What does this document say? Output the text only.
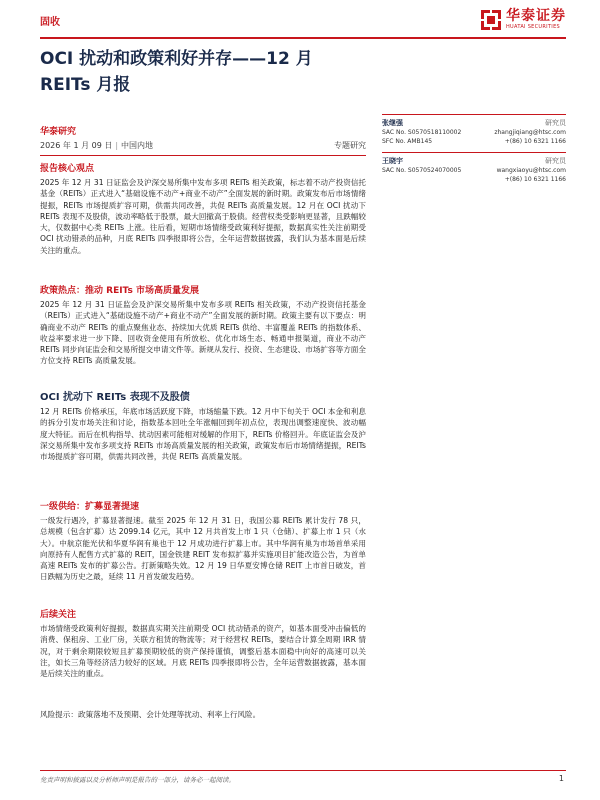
固收	华泰证券
HUATAI SECURITIES
OCI 扰动和政策利好并存——12 月
REITs 月报
华泰研究
2026 年 1 月 09 日 | 中国内地	专题研究
报告核心观点
2025 年 12 月 31 日证监会及沪深交易所集中发布多项 REITs 相关政策，标志着不动产投资信托基金（REITs）正式进入“基础设施不动产+商业不动产”全面发展的新时期。政策发布后市场情绪提振，REITs 市场提质扩容可期，供需共同改善，共促 REITs 高质量发展。12 月在 OCI 扰动下 REITs 表现不及股债，波动率略低于股票，最大回撤高于股债。经营权类受影响更显著，且跌幅较大，仅数据中心类 REITs 上涨。往后看，短期市场情绪受政策利好提振，数据真实性关注前期受 OCI 扰动错杀的品种，月底 REITs 四季报即将公告，全年运营数据披露，我们认为基本面是后续关注的重点。
政策热点：推动 REITs 市场高质量发展
2025 年 12 月 31 日证监会及沪深交易所集中发布多项 REITs 相关政策，不动产投资信托基金（REITs）正式进入“基础设施不动产+商业不动产”全面发展的新时期。政策主要有以下要点：明确商业不动产 REITs 的重点聚焦业态、持续加大优质 REITs 供给、丰富覆盖 REITs 的指数体系、收益率要求进一步下降、回收资金使用有所放松、优化市场生态、畅通申报渠道，商业不动产 REITs 同步向证监会和交易所提交申请文件等。新规从发行、投资、生态建设、市场扩容等方面全方位支持 REITs 高质量发展。
OCI 扰动下 REITs 表现不及股债
12 月 REITs 价格承压，年底市场活跃度下降，市场缩量下跌。12 月中下旬关于 OCI 本金和利息的拆分引发市场关注和讨论，指数基本回吐全年涨幅回到年初点位，表现出调整速度快、波动幅度大特征。而后在机构指导、扰动因素可能相对缓解的作用下，REITs 价格回升。年底证监会及沪深交易所集中发布多项支持 REITs 市场高质量发展的相关政策，政策发布后市场情绪提振，REITs 市场提质扩容可期，供需共同改善，共促 REITs 高质量发展。
一级供给：扩募显著提速
一级发行遇冷，扩募显著提速。截至 2025 年 12 月 31 日，我国公募 REITs 累计发行 78 只，总规模（包含扩募）达 2099.14 亿元，其中 12 月共首发上市 1 只（仓储）、扩募上市 1 只（水大）。中航京能光伏和华夏华润有巢也于 12 月成功进行扩募上市。其中华润有巢为市场首单采用向原持有人配售方式扩募的 REIT，国金铁建 REIT 发布拟扩募并实施项目扩能改造公告，为首单高速 REITs 发布的扩募公告。打新策略失效。12 月 19 日华夏安博仓储 REIT 上市首日破发，首日跌幅为历史之最，延续 11 月首发破发趋势。
后续关注
市场情绪受政策利好提振，数据真实期关注前期受 OCI 扰动错杀的资产，如基本面受冲击偏低的消费、保租房、工业厂房，关联方租赁的物流等；对于经营权 REITs，要结合计算全周期 IRR 情况，对于剩余期限较短且扩募预期较低的资产保持谨慎，调整后基本面稳中向好的高速可以关注，如长三角等经济活力较好的区域。月底 REITs 四季报即将公告，全年运营数据披露，基本面是后续关注的重点。
风险提示：政策落地不及预期、会计处理等扰动、利率上行风险。
张继强	研究员
SAC No. S0570518110002	zhangjiqiang@htsc.com
SFC No. AMB145	+(86) 10 6321 1166
王晓宇	研究员
SAC No. S0570524070005	wangxiaoyu@htsc.com
+(86) 10 6321 1166
免责声明和披露以及分析师声明是报告的一部分，请务必一起阅读。	1
